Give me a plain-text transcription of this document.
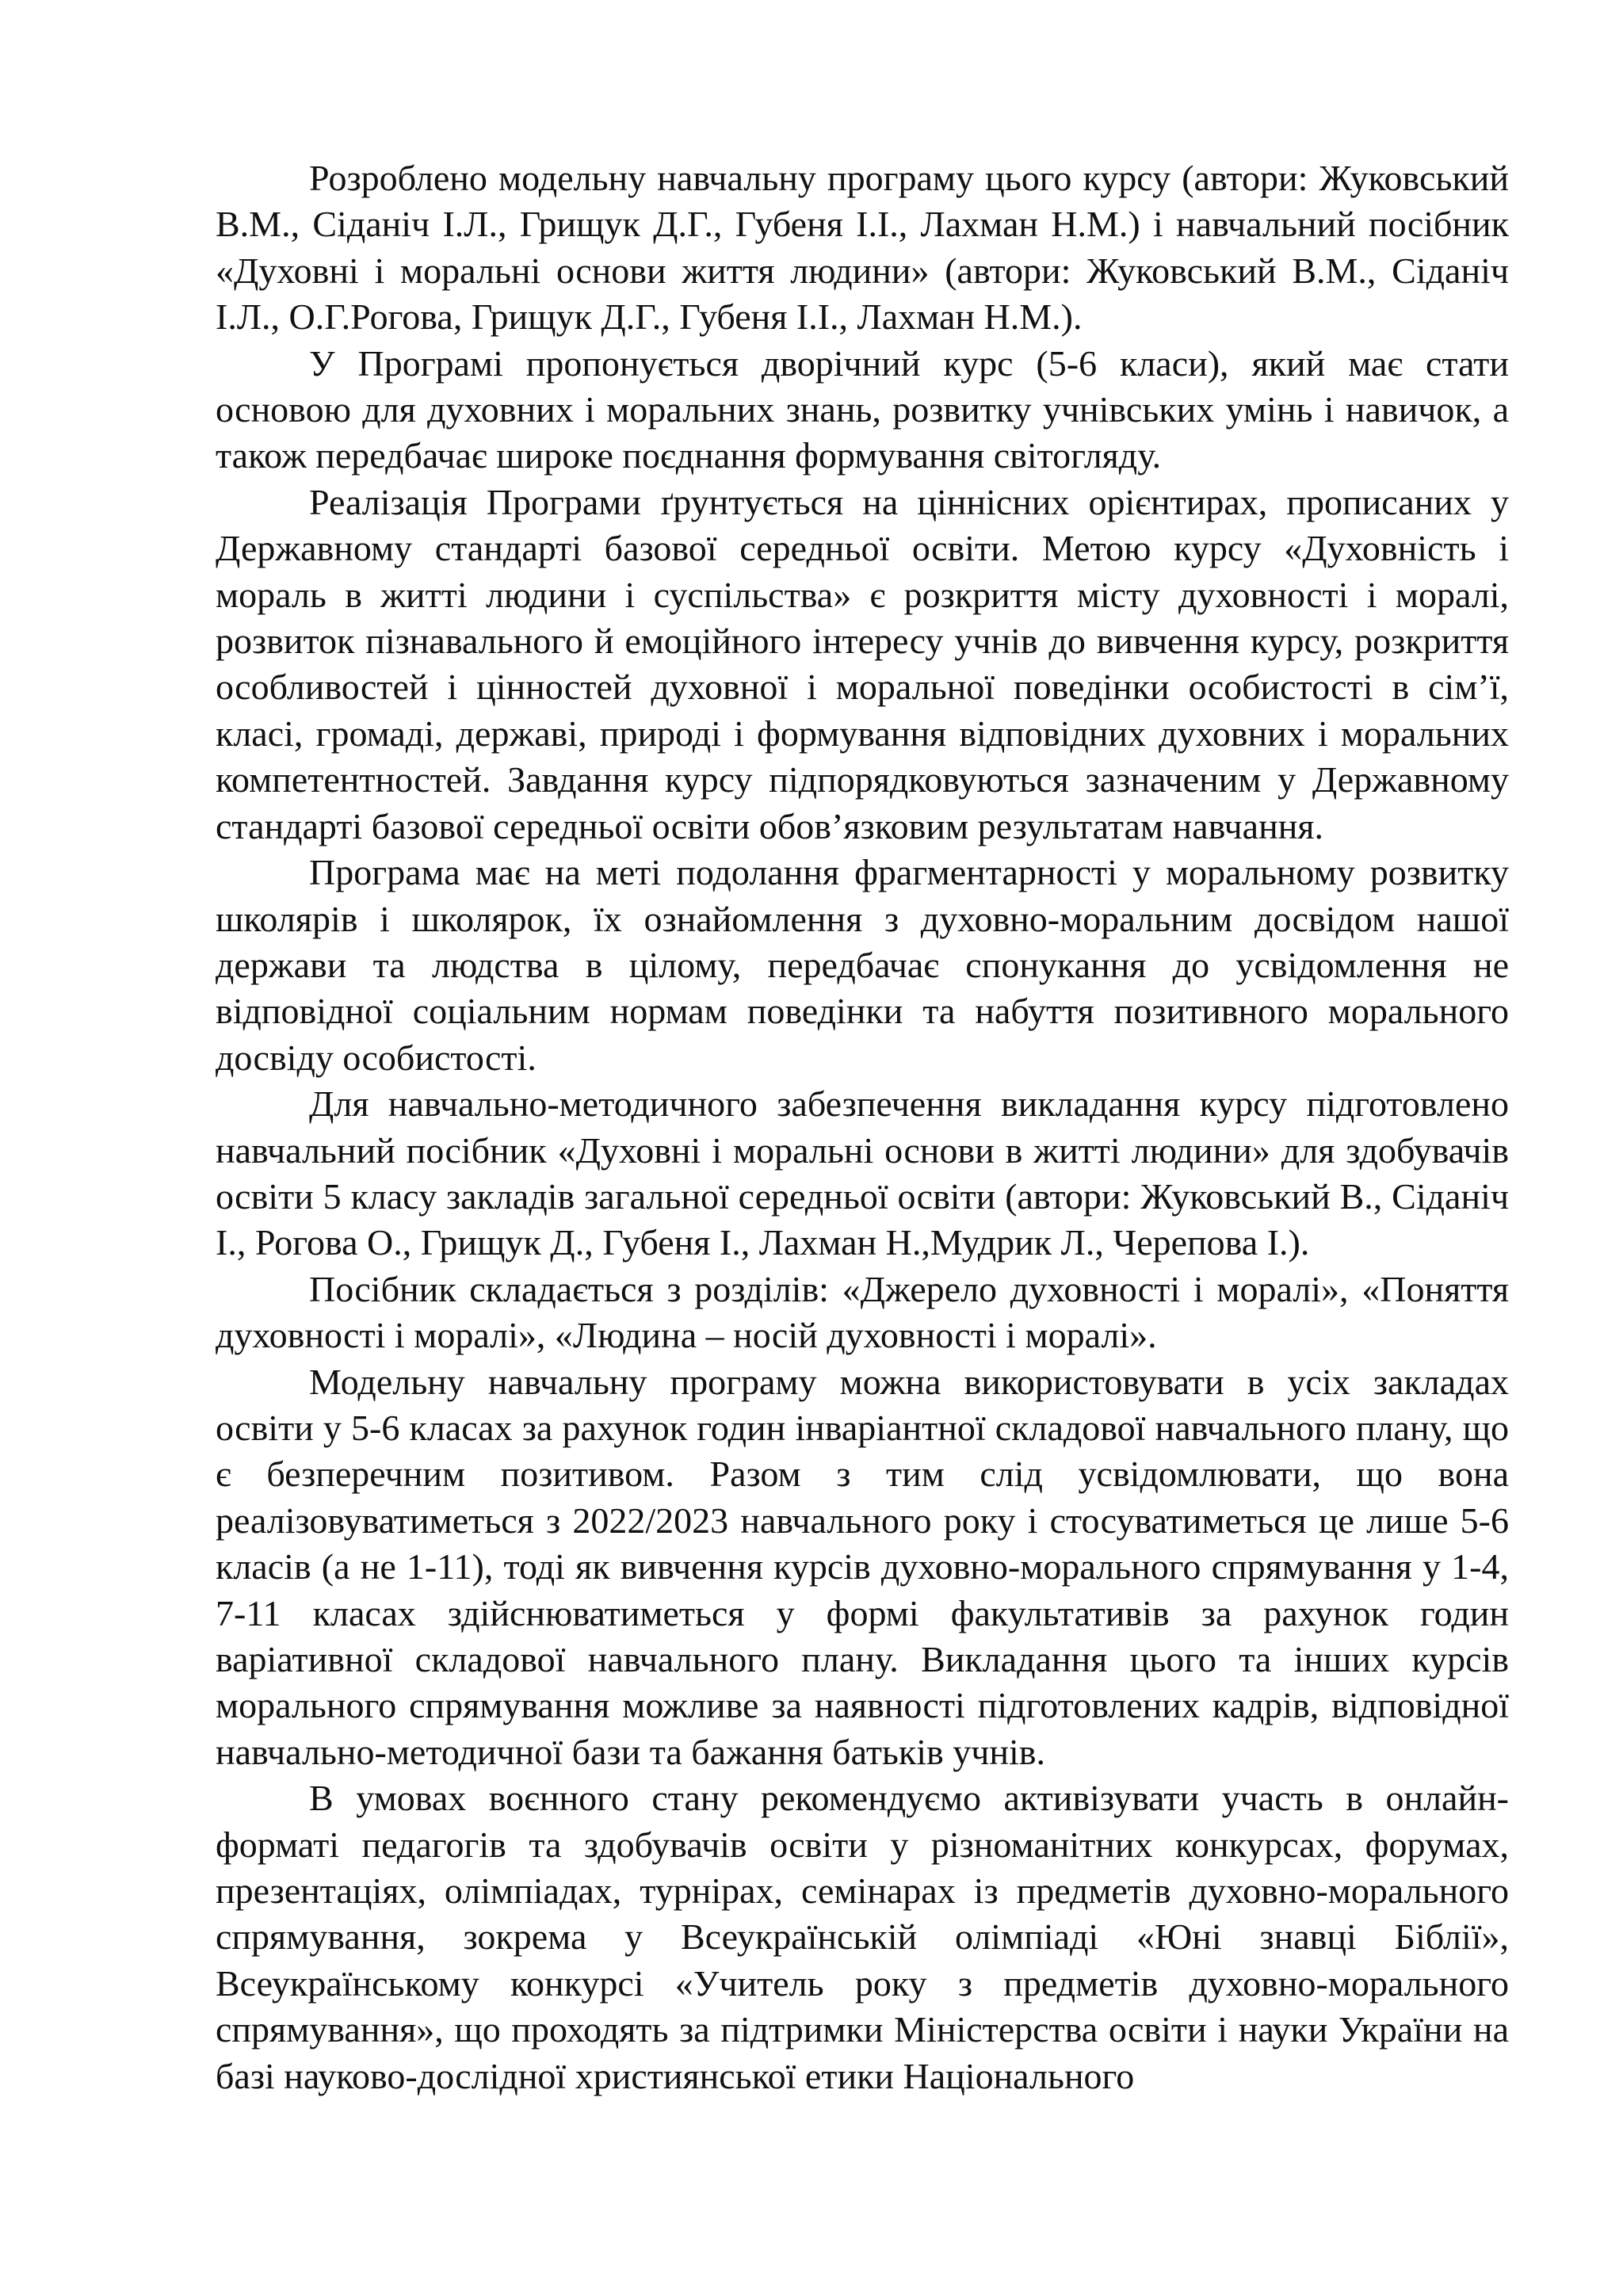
Розроблено модельну навчальну програму цього курсу (автори: Жуковський В.М., Сіданіч І.Л., Грищук Д.Г., Губеня І.І., Лахман Н.М.) і навчальний посібник «Духовні і моральні основи життя людини» (автори: Жуковський В.М., Сіданіч І.Л., О.Г.Рогова, Грищук Д.Г., Губеня І.І., Лахман Н.М.).

У Програмі пропонується дворічний курс (5-6 класи), який має стати основою для духовних і моральних знань, розвитку учнівських умінь і навичок, а також передбачає широке поєднання формування світогляду.

Реалізація Програми ґрунтується на ціннісних орієнтирах, прописаних у Державному стандарті базової середньої освіти. Метою курсу «Духовність і мораль в житті людини і суспільства» є розкриття місту духовності і моралі, розвиток пізнавального й емоційного інтересу учнів до вивчення курсу, розкриття особливостей і цінностей духовної і моральної поведінки особистості в сім’ї, класі, громаді, державі, природі і формування відповідних духовних і моральних компетентностей. Завдання курсу підпорядковуються зазначеним у Державному стандарті базової середньої освіти обов’язковим результатам навчання.

Програма має на меті подолання фрагментарності у моральному розвитку школярів і школярок, їх ознайомлення з духовно-моральним досвідом нашої держави та людства в цілому, передбачає спонукання до усвідомлення не відповідної соціальним нормам поведінки та набуття позитивного морального досвіду особистості.

Для навчально-методичного забезпечення викладання курсу підготовлено навчальний посібник «Духовні і моральні основи в житті людини» для здобувачів освіти 5 класу закладів загальної середньої освіти (автори: Жуковський В., Сіданіч І., Рогова О., Грищук Д., Губеня І., Лахман Н.,Мудрик Л., Черепова І.).

Посібник складається з розділів: «Джерело духовності і моралі», «Поняття духовності і моралі», «Людина – носій духовності і моралі».

Модельну навчальну програму можна використовувати в усіх закладах освіти у 5-6 класах за рахунок годин інваріантної складової навчального плану, що є безперечним позитивом. Разом з тим слід усвідомлювати, що вона реалізовуватиметься з 2022/2023 навчального року і стосуватиметься це лише 5-6 класів (а не 1-11), тоді як вивчення курсів духовно-морального спрямування у 1-4, 7-11 класах здійснюватиметься у формі факультативів за рахунок годин варіативної складової навчального плану. Викладання цього та інших курсів морального спрямування можливе за наявності підготовлених кадрів, відповідної навчально-методичної бази та бажання батьків учнів.

В умовах воєнного стану рекомендуємо активізувати участь в онлайн-форматі педагогів та здобувачів освіти у різноманітних конкурсах, форумах, презентаціях, олімпіадах, турнірах, семінарах із предметів духовно-морального спрямування, зокрема у Всеукраїнській олімпіаді «Юні знавці Біблії», Всеукраїнському конкурсі «Учитель року з предметів духовно-морального спрямування», що проходять за підтримки Міністерства освіти і науки України на базі науково-дослідної християнської етики Національного
